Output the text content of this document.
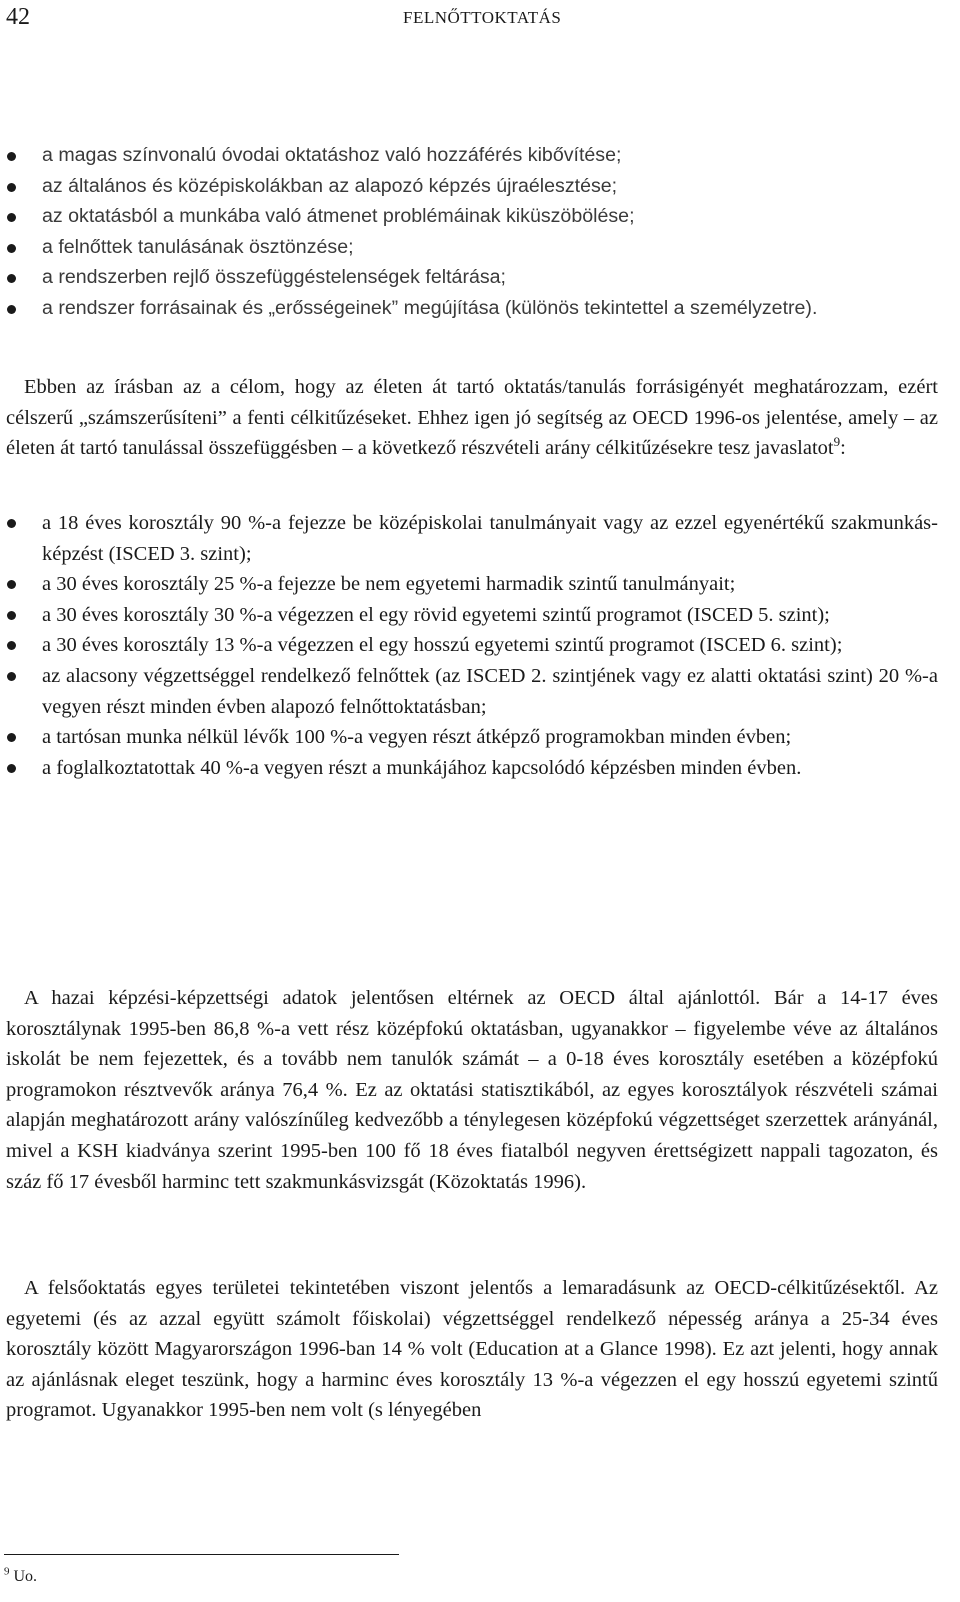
42	FELNŐTTOKTATÁS
a magas színvonalú óvodai oktatáshoz való hozzáférés kibővítése;
az általános és középiskolákban az alapozó képzés újraélesztése;
az oktatásból a munkába való átmenet problémáinak kiküszöbölése;
a felnőttek tanulásának ösztönzése;
a rendszerben rejlő összefüggéstelenségek feltárása;
a rendszer forrásainak és „erősségeinek” megújítása (különös tekintettel a személyzetre).

Ebben az írásban az a célom, hogy az életen át tartó oktatás/tanulás forrásigényét meghatározzam, ezért célszerű „számszerűsíteni” a fenti célkitűzéseket. Ehhez igen jó segítség az OECD 1996-os jelentése, amely – az életen át tartó tanulással összefüggésben – a következő részvételi arány célkitűzésekre tesz javaslatot$^9$:

a 18 éves korosztály 90 %-a fejezze be középiskolai tanulmányait vagy az ezzel egyenértékű szakmunkás-képzést (ISCED 3. szint);
a 30 éves korosztály 25 %-a fejezze be nem egyetemi harmadik szintű tanulmányait;
a 30 éves korosztály 30 %-a végezzen el egy rövid egyetemi szintű programot (ISCED 5. szint);
a 30 éves korosztály 13 %-a végezzen el egy hosszú egyetemi szintű programot (ISCED 6. szint);
az alacsony végzettséggel rendelkező felnőttek (az ISCED 2. szintjének vagy ez alatti oktatási szint) 20 %-a vegyen részt minden évben alapozó felnőttoktatásban;
a tartósan munka nélkül lévők 100 %-a vegyen részt átképző programokban minden évben;
a foglalkoztatottak 40 %-a vegyen részt a munkájához kapcsolódó képzésben minden évben.

A hazai képzési-képzettségi adatok jelentősen eltérnek az OECD által ajánlottól. Bár a 14-17 éves korosztálynak 1995-ben 86,8 %-a vett rész középfokú oktatásban, ugyanakkor – figyelembe véve az általános iskolát be nem fejezettek, és a tovább nem tanulók számát – a 0-18 éves korosztály esetében a középfokú programokon résztvevők aránya 76,4 %. Ez az oktatási statisztikából, az egyes korosztályok részvételi számai alapján meghatározott arány valószínűleg kedvezőbb a ténylegesen középfokú végzettséget szerzettek arányánál, mivel a KSH kiadványa szerint 1995-ben 100 fő 18 éves fiatalból negyven érettségizett nappali tagozaton, és száz fő 17 évesből harminc tett szakmunkásvizsgát (Közoktatás 1996).

A felsőoktatás egyes területei tekintetében viszont jelentős a lemaradásunk az OECD-célkitűzésektől. Az egyetemi (és az azzal együtt számolt főiskolai) végzettséggel rendelkező népesség aránya a 25-34 éves korosztály között Magyarországon 1996-ban 14 % volt (Education at a Glance 1998). Ez azt jelenti, hogy annak az ajánlásnak eleget teszünk, hogy a harminc éves korosztály 13 %-a végezzen el egy hosszú egyetemi szintű programot. Ugyanakkor 1995-ben nem volt (s lényegében

$^9$ Uo.
